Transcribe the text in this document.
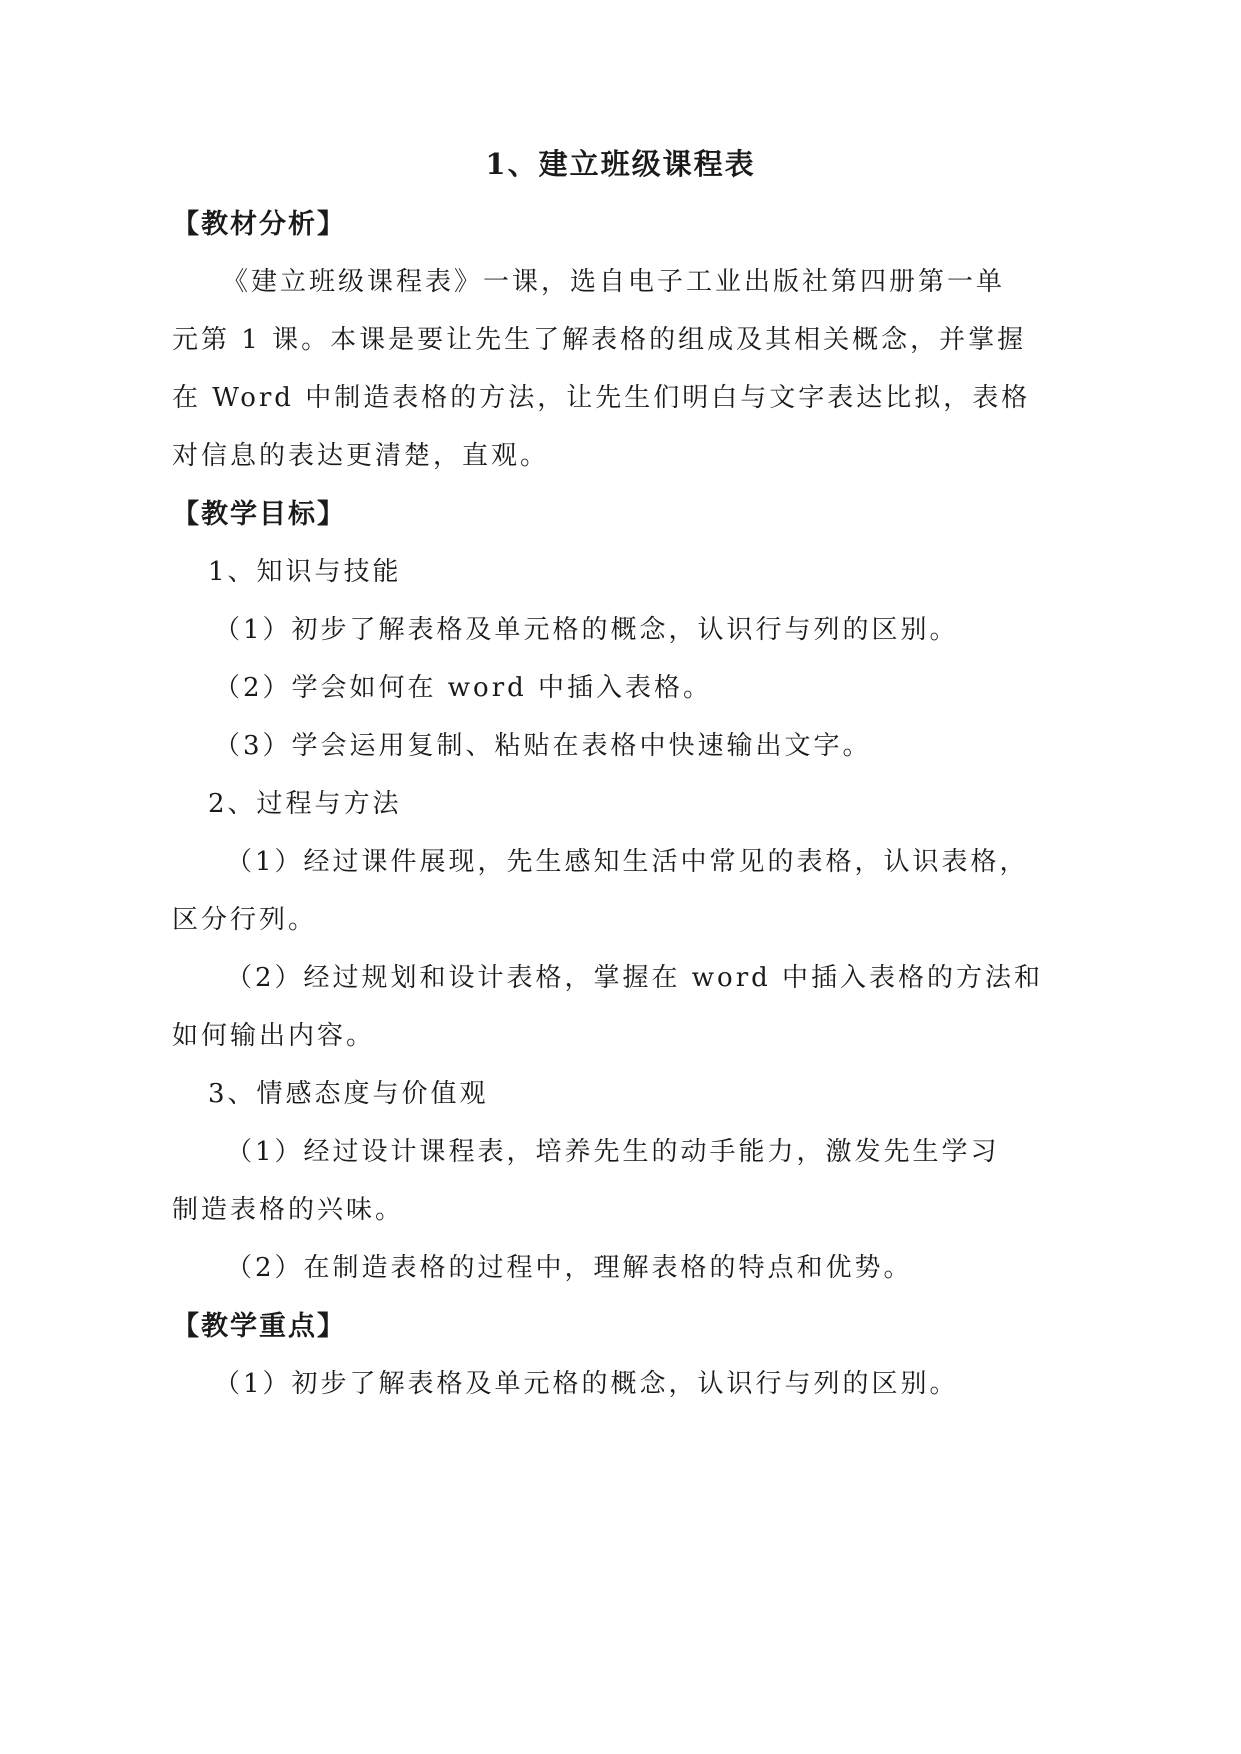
1、建立班级课程表
【教材分析】
《建立班级课程表》一课，选自电子工业出版社第四册第一单
元第 1 课。本课是要让先生了解表格的组成及其相关概念，并掌握
在 Word 中制造表格的方法，让先生们明白与文字表达比拟，表格
对信息的表达更清楚，直观。
【教学目标】
1、知识与技能
（1）初步了解表格及单元格的概念，认识行与列的区别。
（2）学会如何在 word 中插入表格。
（3）学会运用复制、粘贴在表格中快速输出文字。
2、过程与方法
（1）经过课件展现，先生感知生活中常见的表格，认识表格，
区分行列。
（2）经过规划和设计表格，掌握在 word 中插入表格的方法和
如何输出内容。
3、情感态度与价值观
（1）经过设计课程表，培养先生的动手能力，激发先生学习
制造表格的兴味。
（2）在制造表格的过程中，理解表格的特点和优势。
【教学重点】
（1）初步了解表格及单元格的概念，认识行与列的区别。
